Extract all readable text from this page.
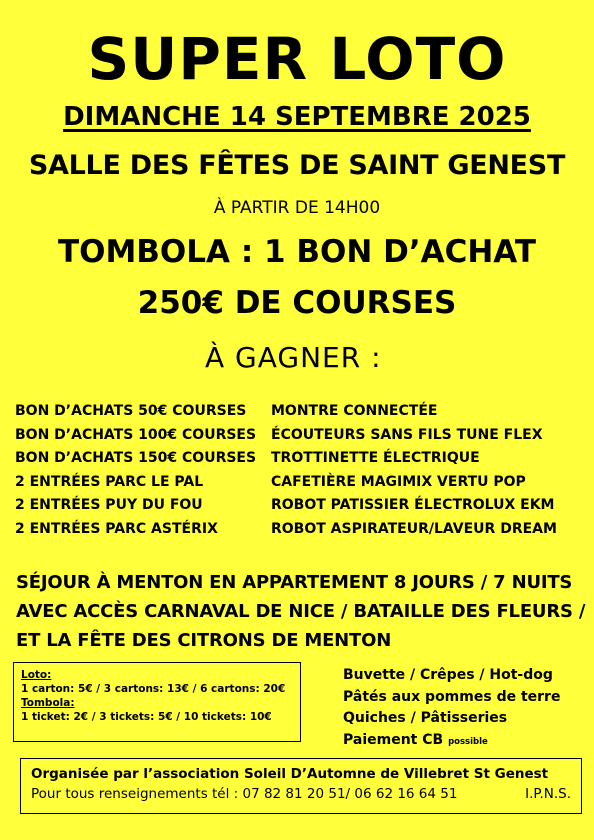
SUPER LOTO
DIMANCHE 14 SEPTEMBRE 2025
SALLE DES FÊTES DE SAINT GENEST
À PARTIR DE 14H00
TOMBOLA : 1 BON D’ACHAT
250€ DE COURSES
À GAGNER :
BON D’ACHATS 50€ COURSES
BON D’ACHATS 100€ COURSES
BON D’ACHATS 150€ COURSES
2 ENTRÉES PARC LE PAL
2 ENTRÉES PUY DU FOU
2 ENTRÉES PARC ASTÉRIX
MONTRE CONNECTÉE
ÉCOUTEURS SANS FILS TUNE FLEX
TROTTINETTE ÉLECTRIQUE
CAFETIÈRE MAGIMIX VERTU POP
ROBOT PATISSIER ÉLECTROLUX EKM
ROBOT ASPIRATEUR/LAVEUR DREAM
SÉJOUR À MENTON EN APPARTEMENT 8 JOURS / 7 NUITS AVEC ACCÈS CARNAVAL DE NICE / BATAILLE DES FLEURS / ET LA FÊTE DES CITRONS DE MENTON
Loto:
1 carton: 5€ / 3 cartons: 13€ / 6 cartons: 20€
Tombola:
1 ticket: 2€ / 3 tickets: 5€ / 10 tickets: 10€
Buvette / Crêpes / Hot-dog
Pâtés aux pommes de terre
Quiches / Pâtisseries
Paiement CB possible
Organisée par l’association Soleil D’Automne de Villebret St Genest
Pour tous renseignements tél : 07 82 81 20 51/ 06 62 16 64 51	I.P.N.S.
